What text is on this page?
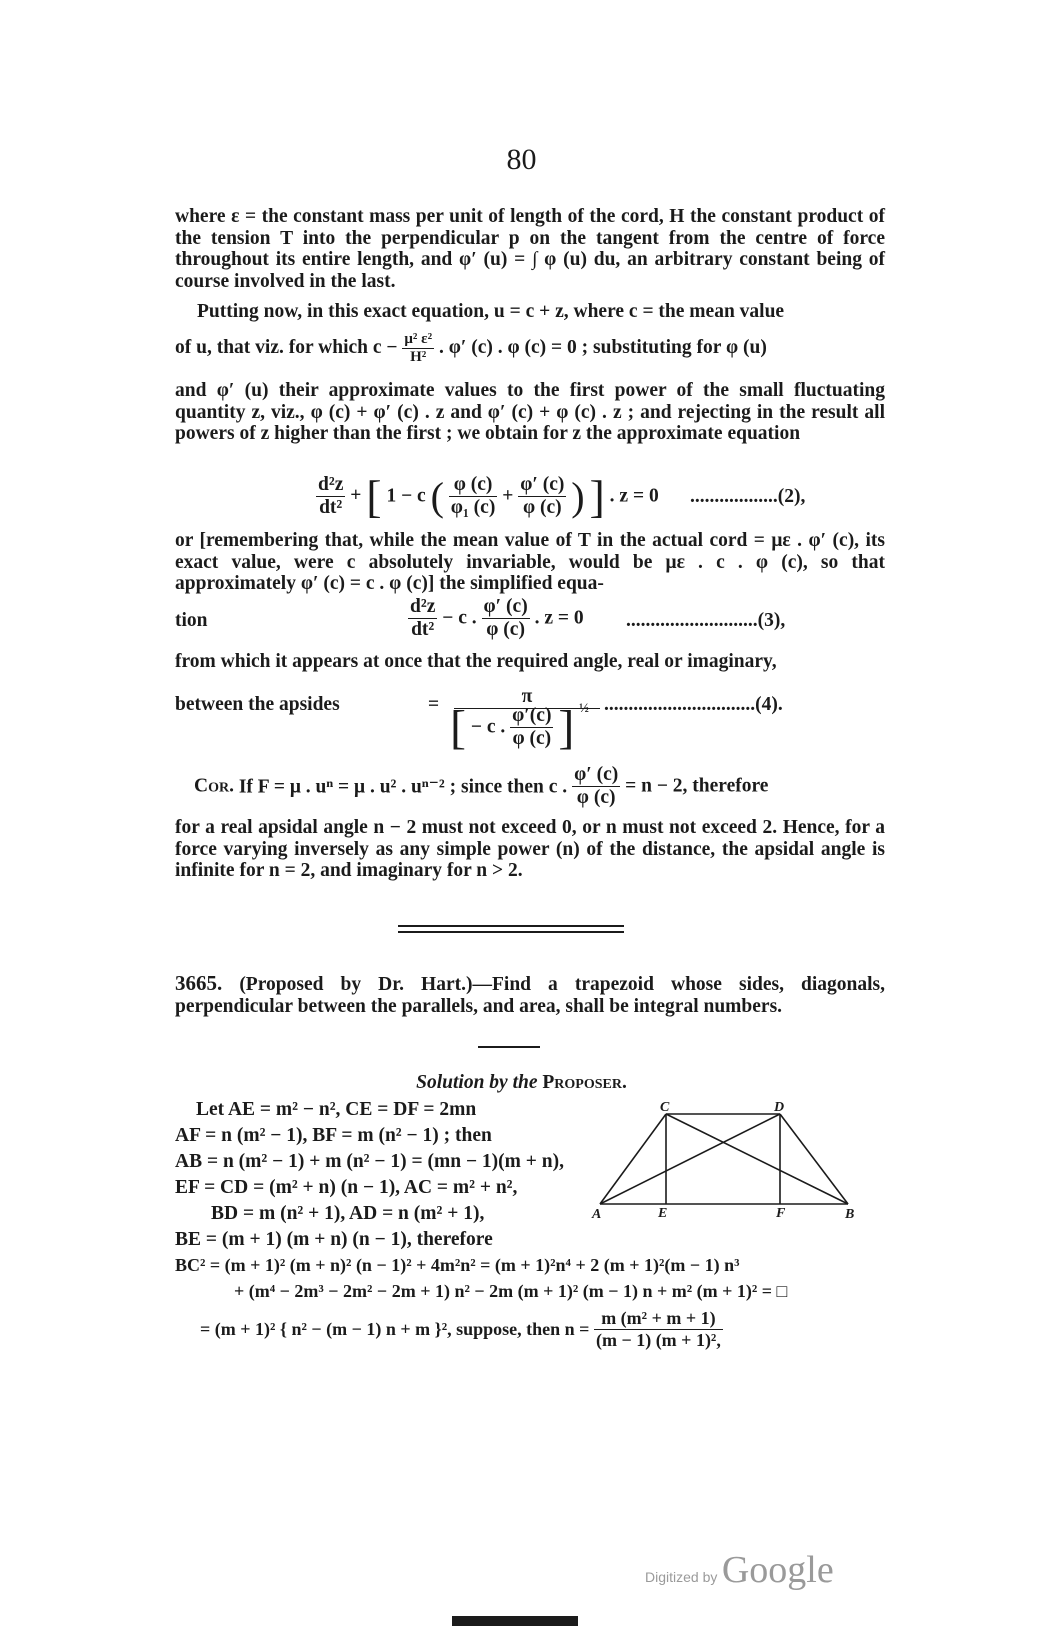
80

where ε = the constant mass per unit of length of the cord, H the constant product of the tension T into the perpendicular p on the tangent from the centre of force throughout its entire length, and φ′ (u) = ∫ φ (u) du, an arbitrary constant being of course involved in the last.

Putting now, in this exact equation, u = c + z, where c = the mean value
of u, that viz. for which $c - \frac{\text{μ² ε²}}{\text{H²}}$ . φ′ (c) . φ (c) = 0 ; substituting for φ (u)

and φ′ (u) their approximate values to the first power of the small fluctuating quantity z, viz., φ (c) + φ′ (c) . z and φ′ (c) + φ (c) . z ; and rejecting in the result all powers of z higher than the first ; we obtain for z the approximate equation

$\frac{\text{d²z}}{\text{dt²}}$ + [ 1 − c ( $\frac{\varphi (c)}{\text{φ₁ (c)}} + \frac{\varphi' (c)}{\varphi (c)}$ ) ] . z = 0 ..................(2),

or [remembering that, while the mean value of T in the actual cord = με . φ′ (c), its exact value, were c absolutely invariable, would be με . c . φ (c), so that approximately φ′ (c) = c . φ (c)] the simplified equa-

tion	$\frac{\text{d²z}}{\text{dt²}} - c$ . $\frac{\varphi' (c)}{\varphi (c)}$ . z = 0 ...........................(3),
from which it appears at once that the required angle, real or imaginary,
between the apsides	=	π
[ − c . $\frac{\varphi'(c)}{\varphi (c)}$ ] $^{\frac{1}{2}}$ ...............................(4).
Cor. If F = μ . uⁿ = μ . u² . uⁿ⁻² ; since then c . $\frac{\varphi' (c)}{\varphi (c)} = n - 2$, therefore

for a real apsidal angle n − 2 must not exceed 0, or n must not exceed 2. Hence, for a force varying inversely as any simple power (n) of the distance, the apsidal angle is infinite for n = 2, and imaginary for n > 2.

3665. (Proposed by Dr. Hart.)—Find a trapezoid whose sides, diagonals, perpendicular between the parallels, and area, shall be integral numbers.

Solution by the Proposer.
Let AE = m² − n², CE = DF = 2mn
AF = n (m² − 1), BF = m (n² − 1) ; then
AB = n (m² − 1) + m (n² − 1) = (mn − 1)(m + n),
EF = CD = (m² + n) (n − 1), AC = m² + n²,
BD = m (n² + 1), AD = n (m² + 1),
BE = (m + 1) (m + n) (n − 1), therefore
BC² = (m + 1)² (m + n)² (n − 1)² + 4m²n² = (m + 1)²n⁴ + 2 (m + 1)²(m − 1) n³
+ (m⁴ − 2m³ − 2m² − 2m + 1) n² − 2m (m + 1)² (m − 1) n + m² (m + 1)² = □
= (m + 1)² { n² − (m − 1) n + m }², suppose, then $n = \frac{\text{m (m² + m + 1)}}{\text{(m − 1) (m + 1)²,}}$
A	E	F	B
C	D
Digitized by Google
